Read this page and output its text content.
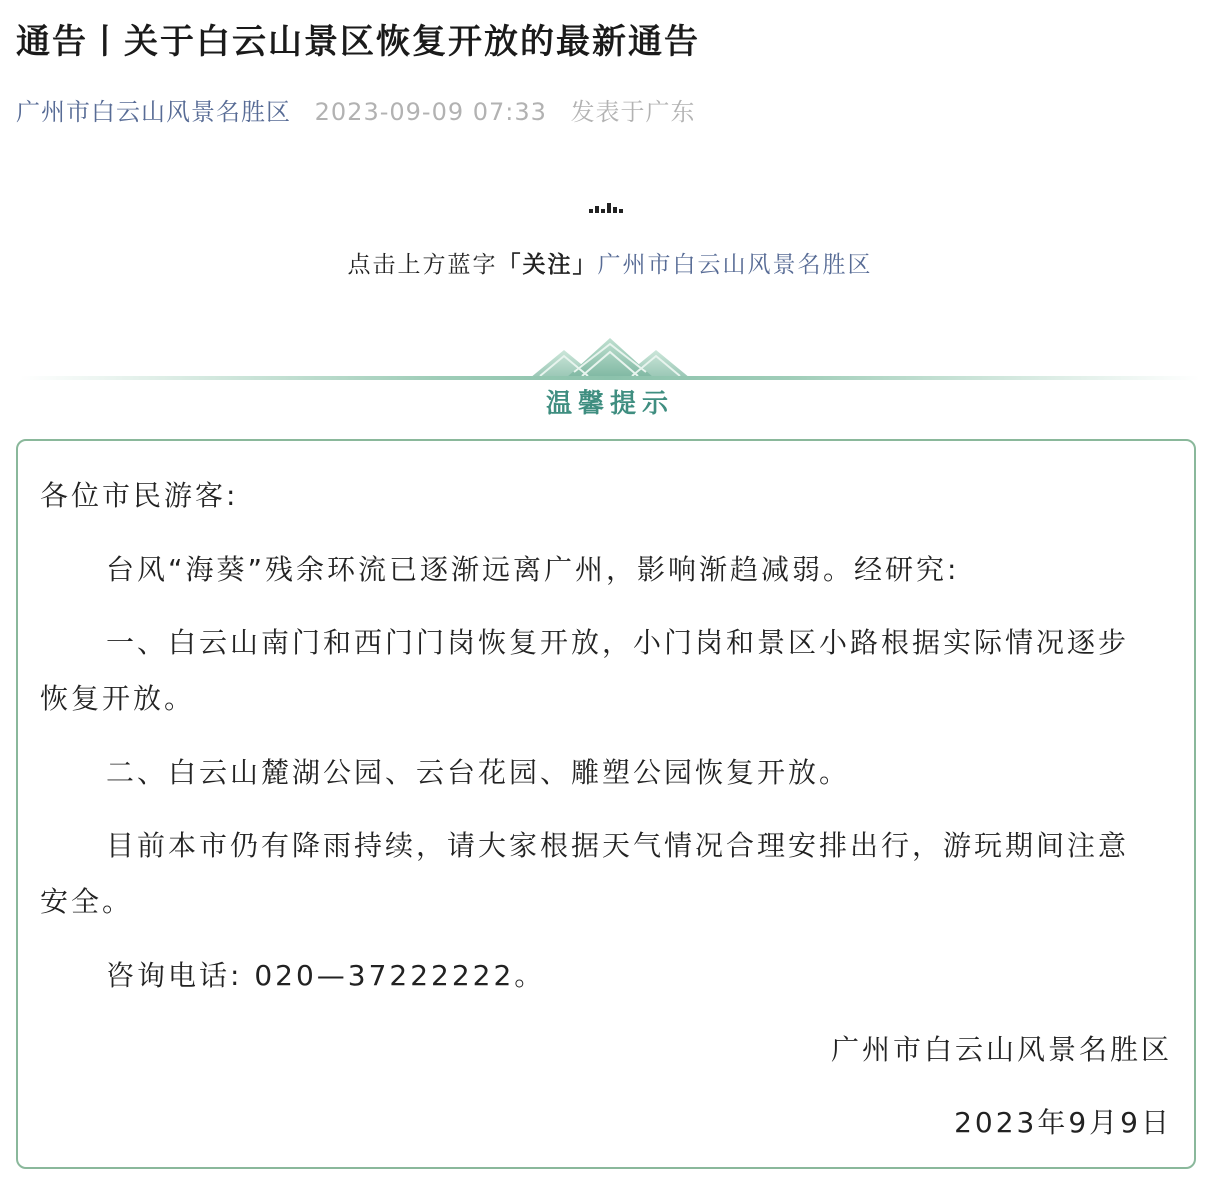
通告丨关于白云山景区恢复开放的最新通告
广州市白云山风景名胜区 2023-09-09 07:33 发表于广东
点击上方蓝字「关注」广州市白云山风景名胜区
温馨提示
各位市民游客:
台风“海葵”残余环流已逐渐远离广州，影响渐趋减弱。经研究:
一、白云山南门和西门门岗恢复开放，小门岗和景区小路根据实际情况逐步
恢复开放。
二、白云山麓湖公园、云台花园、雕塑公园恢复开放。
目前本市仍有降雨持续，请大家根据天气情况合理安排出行，游玩期间注意
安全。
咨询电话: 020—37222222。
广州市白云山风景名胜区
2023年9月9日
